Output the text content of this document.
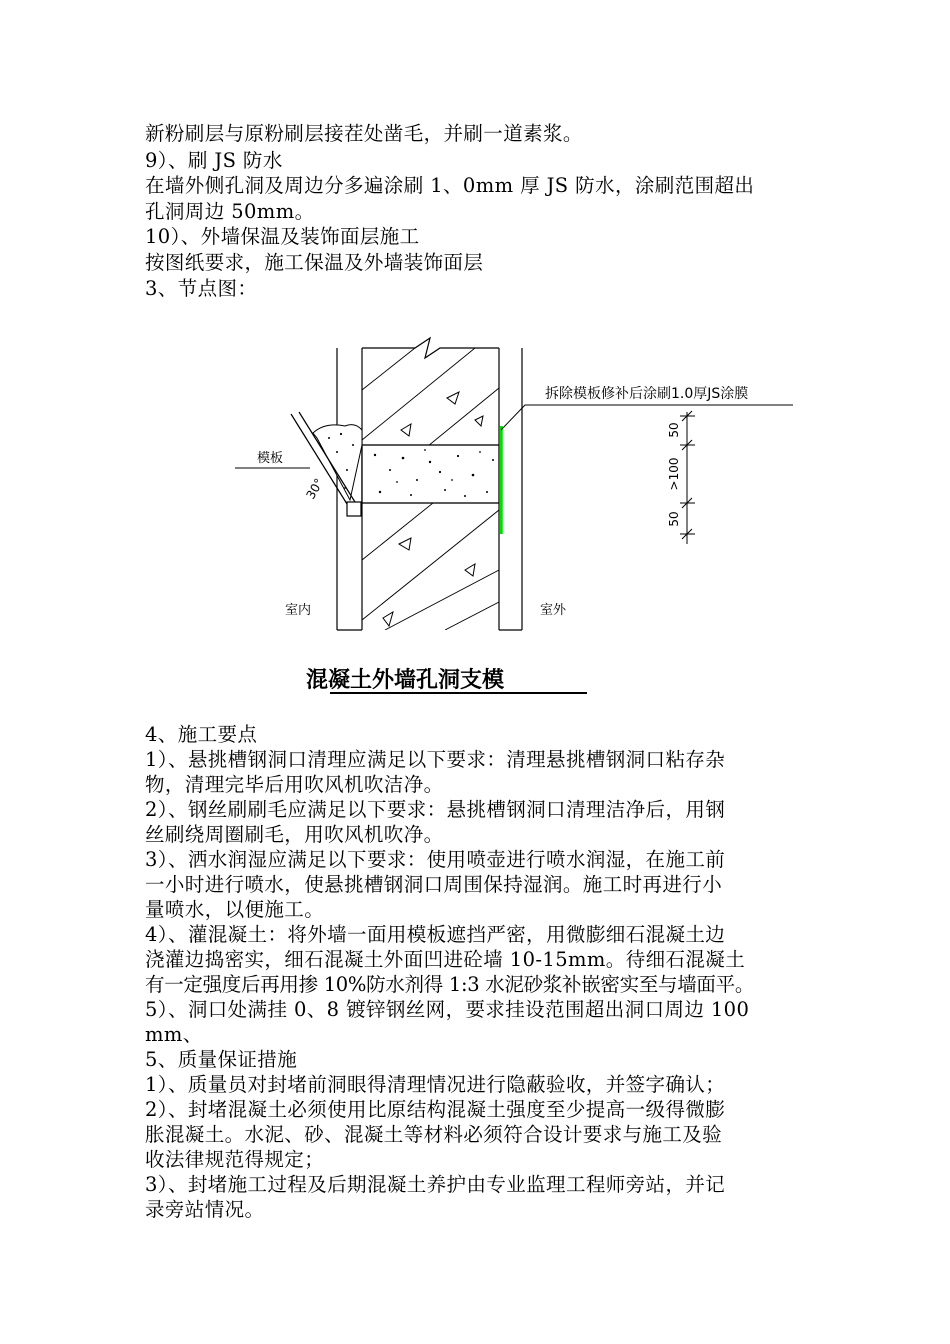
新粉刷层与原粉刷层接茬处凿毛，并刷一道素浆。
9）、刷 JS 防水
在墙外侧孔洞及周边分多遍涂刷 1、0mm 厚 JS 防水，涂刷范围超出
孔洞周边 50mm。
10）、外墙保温及装饰面层施工
按图纸要求，施工保温及外墙装饰面层
3、节点图：
拆除模板修补后涂刷1.0厚JS涂膜
模板
30°
室内	室外
50
>100
50
混凝土外墙孔洞支模
4、施工要点
1）、悬挑槽钢洞口清理应满足以下要求：清理悬挑槽钢洞口粘存杂
物，清理完毕后用吹风机吹洁净。
2）、钢丝刷刷毛应满足以下要求：悬挑槽钢洞口清理洁净后，用钢
丝刷绕周圈刷毛，用吹风机吹净。
3）、洒水润湿应满足以下要求：使用喷壶进行喷水润湿，在施工前
一小时进行喷水，使悬挑槽钢洞口周围保持湿润。施工时再进行小
量喷水，以便施工。
4）、灌混凝土：将外墙一面用模板遮挡严密，用微膨细石混凝土边
浇灌边捣密实，细石混凝土外面凹进砼墙 10-15mm。待细石混凝土
有一定强度后再用掺 10%防水剂得 1:3 水泥砂浆补嵌密实至与墙面平。
5）、洞口处满挂 0、8 镀锌钢丝网，要求挂设范围超出洞口周边 100
mm、
5、质量保证措施
1）、质量员对封堵前洞眼得清理情况进行隐蔽验收，并签字确认；
2）、封堵混凝土必须使用比原结构混凝土强度至少提高一级得微膨
胀混凝土。水泥、砂、混凝土等材料必须符合设计要求与施工及验
收法律规范得规定；
3）、封堵施工过程及后期混凝土养护由专业监理工程师旁站，并记
录旁站情况。
